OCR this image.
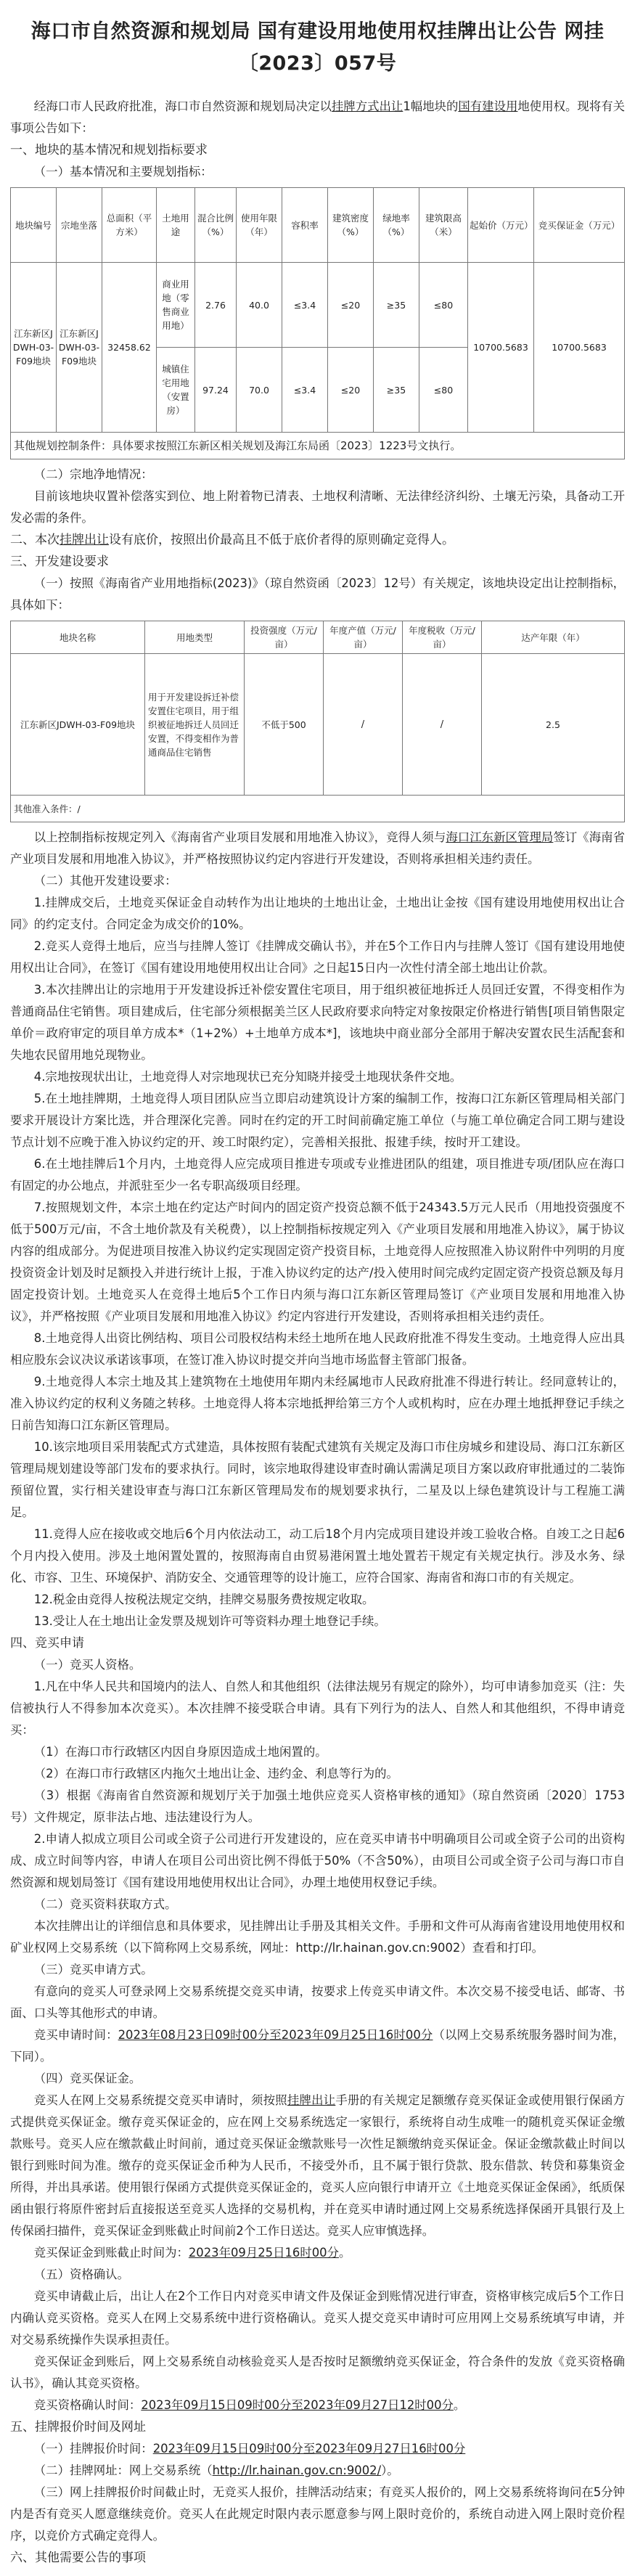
海口市自然资源和规划局 国有建设用地使用权挂牌出让公告 网挂〔2023〕057号

经海口市人民政府批准，海口市自然资源和规划局决定以挂牌方式出让1幅地块的国有建设用地使用权。现将有关事项公告如下：

一、地块的基本情况和规划指标要求

（一）基本情况和主要规划指标：

地块编号	宗地坐落	总面积（平方米）	土地用途	混合比例（%）	使用年限（年）	容积率	建筑密度（%）	绿地率（%）	建筑限高（米）	起始价（万元）	竞买保证金（万元）
江东新区JDWH-03-F09地块	江东新区JDWH-03-F09地块	32458.62	商业用地（零售商业用地）	2.76	40.0	≤3.4	≤20	≥35	≤80	10700.5683	10700.5683
			城镇住宅用地（安置房）	97.24	70.0	≤3.4	≤20	≥35	≤80		
其他规划控制条件：具体要求按照江东新区相关规划及海江东局函〔2023〕1223号文执行。											

（二）宗地净地情况：

目前该地块収置补偿落实到位、地上附着物已清表、土地权利清晰、无法律经济纠纷、土壤无污染，具备动工开发必需的条件。

二、本次挂牌出让设有底价，按照出价最高且不低于底价者得的原则确定竞得人。

三、开发建设要求

（一）按照《海南省产业用地指标(2023)》（琼自然资函〔2023〕12号）有关规定，该地块设定出让控制指标，具体如下：

地块名称	用地类型	投资强度（万元/亩）	年度产值（万元/亩）	年度税收（万元/亩）	达产年限（年）
江东新区JDWH-03-F09地块	用于开发建设拆迁补偿安置住宅项目，用于组织被征地拆迁人员回迁安置，不得变相作为普通商品住宅销售	不低于500	/	/	2.5
其他准入条件：/					

以上控制指标按规定列入《海南省产业项目发展和用地准入协议》，竞得人须与海口江东新区管理局签订《海南省产业项目发展和用地准入协议》，并严格按照协议约定内容进行开发建设，否则将承担相关违约责任。

（二）其他开发建设要求：

1.挂牌成交后，土地竞买保证金自动转作为出让地块的土地出让金，土地出让金按《国有建设用地使用权出让合同》的约定支付。合同定金为成交价的10%。

2.竞买人竞得土地后，应当与挂牌人签订《挂牌成交确认书》，并在5个工作日内与挂牌人签订《国有建设用地使用权出让合同》，在签订《国有建设用地使用权出让合同》之日起15日内一次性付清全部土地出让价款。

3.本次挂牌出让的宗地用于开发建设拆迁补偿安置住宅项目，用于组织被征地拆迁人员回迁安置，不得变相作为普通商品住宅销售。项目建成后，住宅部分须根据美兰区人民政府要求向特定对象按限定价格进行销售[项目销售限定单价＝政府审定的项目单方成本*（1+2%）+土地单方成本*]，该地块中商业部分全部用于解决安置农民生活配套和失地农民留用地兑现物业。

4.宗地按现状出让，土地竞得人对宗地现状已充分知晓并接受土地现状条件交地。

5.在土地挂牌期，土地竞得人项目团队应当立即启动建筑设计方案的编制工作，按海口江东新区管理局相关部门要求开展设计方案比选，并合理深化完善。同时在约定的开工时间前确定施工单位（与施工单位确定合同工期与建设节点计划不应晚于准入协议约定的开、竣工时限约定），完善相关报批、报建手续，按时开工建设。

6.在土地挂牌后1个月内，土地竞得人应完成项目推进专项或专业推进团队的组建，项目推进专项/团队应在海口有固定的办公地点，并派驻至少一名专职高级项目经理。

7.按照规划文件，本宗土地在约定达产时间内的固定资产投资总额不低于24343.5万元人民币（用地投资强度不低于500万元/亩，不含土地价款及有关税费），以上控制指标按规定列入《产业项目发展和用地准入协议》，属于协议内容的组成部分。为促进项目按准入协议约定实现固定资产投资目标，土地竞得人应按照准入协议附件中列明的月度投资资金计划及时足额投入并进行统计上报，于准入协议约定的达产/投入使用时间完成约定固定资产投资总额及每月固定投资计划。土地竞买人在竞得土地后5个工作日内须与海口江东新区管理局签订《产业项目发展和用地准入协议》，并严格按照《产业项目发展和用地准入协议》约定内容进行开发建设，否则将承担相关违约责任。

8.土地竞得人出资比例结构、项目公司股权结构未经土地所在地人民政府批准不得发生变动。土地竞得人应出具相应股东会议决议承诺该事项，在签订准入协议时提交并向当地市场监督主管部门报备。

9.土地竞得人本宗土地及其上建筑物在土地使用年期内未经属地市人民政府批准不得进行转让。经同意转让的，准入协议约定的权利义务随之转移。土地竞得人将本宗地抵押给第三方个人或机构时，应在办理土地抵押登记手续之日前告知海口江东新区管理局。

10.该宗地项目采用装配式方式建造，具体按照有装配式建筑有关规定及海口市住房城乡和建设局、海口江东新区管理局规划建设等部门发布的要求执行。同时，该宗地取得建设审查时确认需满足项目方案以政府审批通过的二装饰预留位置，实行相关建设审查与海口江东新区管理局发布的规划要求执行，二星及以上绿色建筑设计与工程施工满足。

11.竞得人应在接收或交地后6个月内依法动工，动工后18个月内完成项目建设并竣工验收合格。自竣工之日起6个月内投入使用。涉及土地闲置处置的，按照海南自由贸易港闲置土地处置若干规定有关规定执行。涉及水务、绿化、市容、卫生、环境保护、消防安全、交通管理等的设计施工，应符合国家、海南省和海口市的有关规定。

12.税金由竞得人按税法规定交纳，挂牌交易服务费按规定收取。

13.受让人在土地出让金发票及规划许可等资料办理土地登记手续。

四、竞买申请

（一）竞买人资格。

1.凡在中华人民共和国境内的法人、自然人和其他组织（法律法规另有规定的除外），均可申请参加竞买（注：失信被执行人不得参加本次竞买）。本次挂牌不接受联合申请。具有下列行为的法人、自然人和其他组织，不得申请竞买：

（1）在海口市行政辖区内因自身原因造成土地闲置的。

（2）在海口市行政辖区内拖欠土地出让金、违约金、利息等行为的。

（3）根据《海南省自然资源和规划厅关于加强土地供应竞买人资格审核的通知》（琼自然资函〔2020〕1753号）文件规定，原非法占地、违法建设行为人。

2.申请人拟成立项目公司或全资子公司进行开发建设的，应在竞买申请书中明确项目公司或全资子公司的出资构成、成立时间等内容，申请人在项目公司出资比例不得低于50%（不含50%），由项目公司或全资子公司与海口市自然资源和规划局签订《国有建设用地使用权出让合同》，办理土地使用权登记手续。

（二）竞买资料获取方式。

本次挂牌出让的详细信息和具体要求，见挂牌出让手册及其相关文件。手册和文件可从海南省建设用地使用权和矿业权网上交易系统（以下简称网上交易系统，网址：http://lr.hainan.gov.cn:9002）查看和打印。

（三）竞买申请方式。

有意向的竞买人可登录网上交易系统提交竞买申请，按要求上传竞买申请文件。本次交易不接受电话、邮寄、书面、口头等其他形式的申请。

竞买申请时间：2023年08月23日09时00分至2023年09月25日16时00分（以网上交易系统服务器时间为准，下同）。

（四）竞买保证金。

竞买人在网上交易系统提交竞买申请时，须按照挂牌出让手册的有关规定足额缴存竞买保证金或使用银行保函方式提供竞买保证金。缴存竞买保证金的，应在网上交易系统选定一家银行，系统将自动生成唯一的随机竞买保证金缴款账号。竞买人应在缴款截止时间前，通过竞买保证金缴款账号一次性足额缴纳竞买保证金。保证金缴款截止时间以银行到账时间为准。缴存的竞买保证金币种为人民币，不接受外币，且不属于银行贷款、股东借款、转贷和募集资金所得，并出具承诺。使用银行保函方式提供竞买保证金的，竞买人应向银行申请开立《土地竞买保证金保函》，纸质保函由银行将原件密封后直接报送至竞买人选择的交易机构，并在竞买申请时通过网上交易系统选择保函开具银行及上传保函扫描件，竞买保证金到账截止时间前2个工作日送达。竞买人应审慎选择。

竞买保证金到账截止时间为：2023年09月25日16时00分。

（五）资格确认。

竞买申请截止后，出让人在2个工作日内对竞买申请文件及保证金到账情况进行审查，资格审核完成后5个工作日内确认竞买资格。竞买人在网上交易系统中进行资格确认。竞买人提交竞买申请时可应用网上交易系统填写申请，并对交易系统操作失误承担责任。

竞买保证金到账后，网上交易系统自动核验竞买人是否按时足额缴纳竞买保证金，符合条件的发放《竞买资格确认书》，确认其竞买资格。

竞买资格确认时间：2023年09月15日09时00分至2023年09月27日12时00分。

五、挂牌报价时间及网址

（一）挂牌报价时间：2023年09月15日09时00分至2023年09月27日16时00分

（二）挂牌网址：网上交易系统（http://lr.hainan.gov.cn:9002/）。

（三）网上挂牌报价时间截止时，无竞买人报价，挂牌活动结束；有竞买人报价的，网上交易系统将询问在5分钟内是否有竞买人愿意继续竞价。竞买人在此规定时限内表示愿意参与网上限时竞价的，系统自动进入网上限时竞价程序，以竞价方式确定竞得人。

六、其他需要公告的事项
